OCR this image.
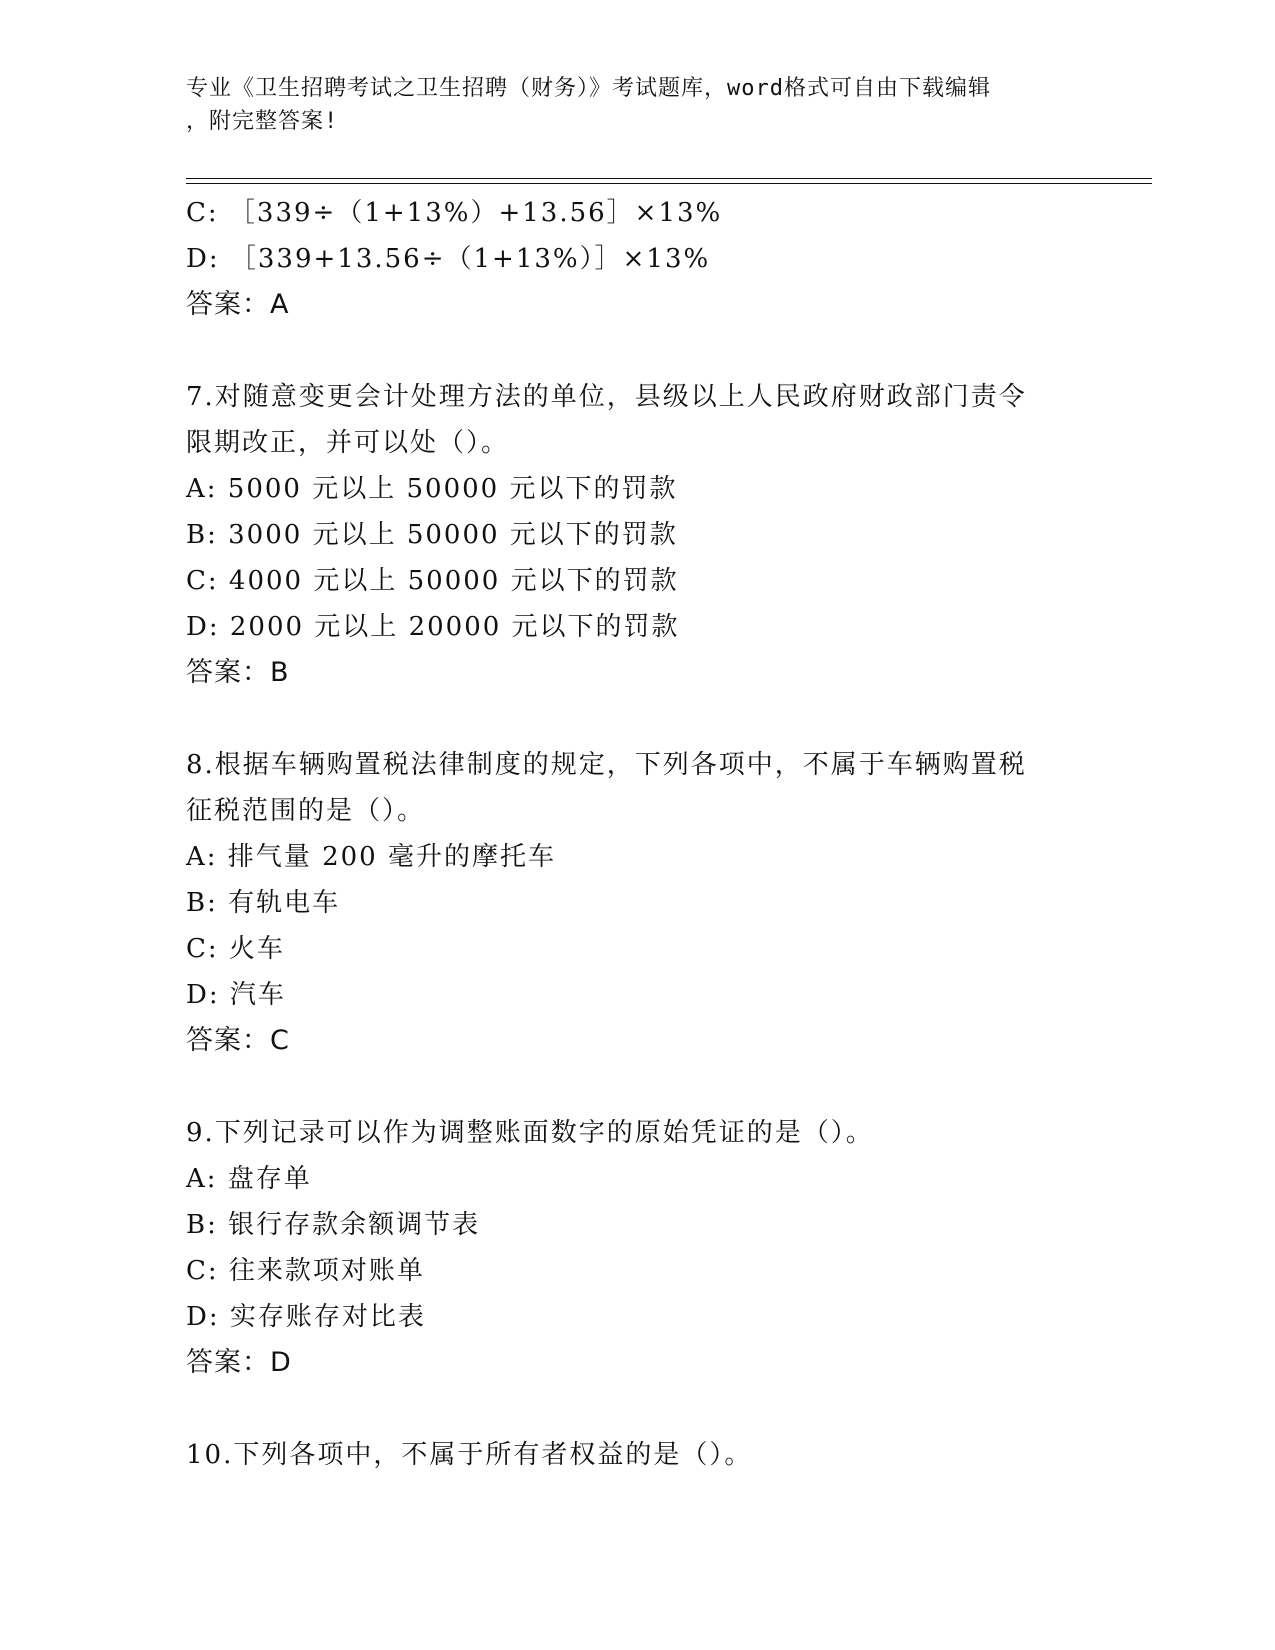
专业《卫生招聘考试之卫生招聘（财务）》考试题库，word格式可自由下载编辑
，附完整答案!
C: ［339÷（1+13%）+13.56］×13%
D: ［339+13.56÷（1+13%）］×13%
答案：A
7.对随意变更会计处理方法的单位，县级以上人民政府财政部门责令
限期改正，并可以处（）。
A: 5000 元以上 50000 元以下的罚款
B: 3000 元以上 50000 元以下的罚款
C: 4000 元以上 50000 元以下的罚款
D: 2000 元以上 20000 元以下的罚款
答案：B
8.根据车辆购置税法律制度的规定，下列各项中，不属于车辆购置税
征税范围的是（）。
A: 排气量 200 毫升的摩托车
B: 有轨电车
C: 火车
D: 汽车
答案：C
9.下列记录可以作为调整账面数字的原始凭证的是（）。
A: 盘存单
B: 银行存款余额调节表
C: 往来款项对账单
D: 实存账存对比表
答案：D
10.下列各项中，不属于所有者权益的是（）。
